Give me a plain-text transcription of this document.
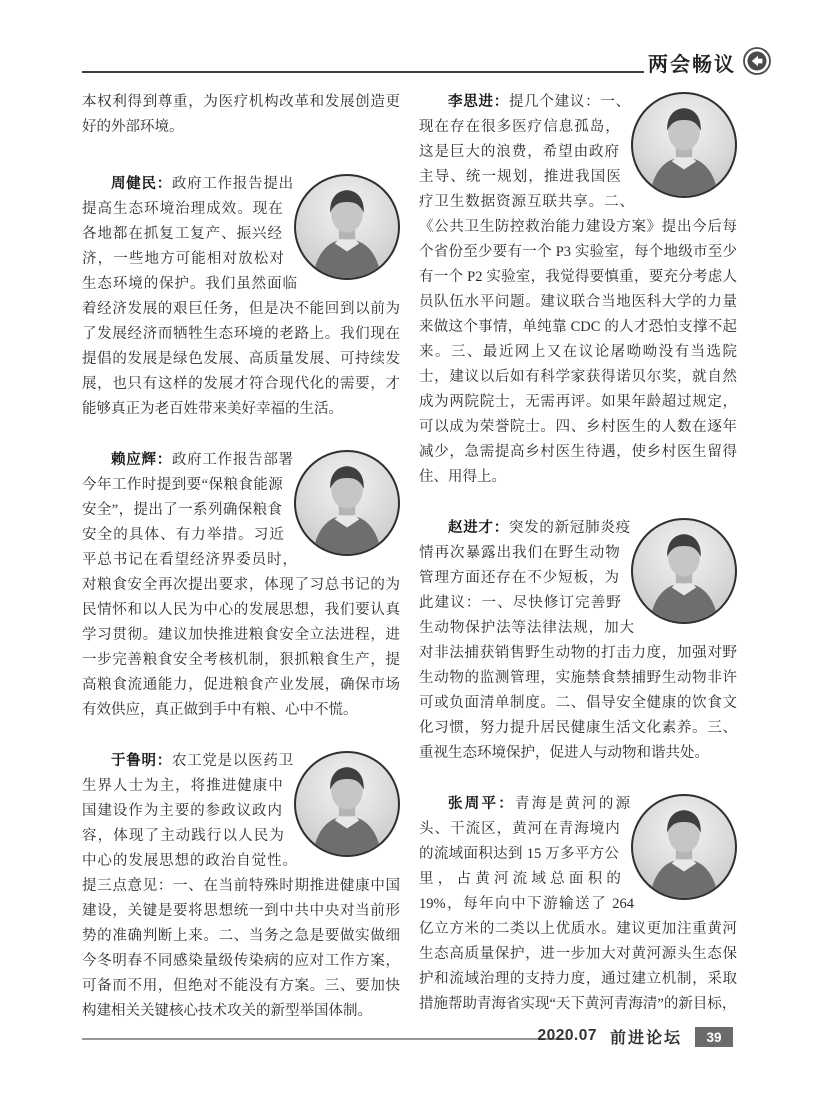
两会畅议

本权利得到尊重，为医疗机构改革和发展创造更好的外部环境。

周健民：政府工作报告提出提高生态环境治理成效。现在各地都在抓复工复产、振兴经济，一些地方可能相对放松对生态环境的保护。我们虽然面临着经济发展的艰巨任务，但是决不能回到以前为了发展经济而牺牲生态环境的老路上。我们现在提倡的发展是绿色发展、高质量发展、可持续发展，也只有这样的发展才符合现代化的需要，才能够真正为老百姓带来美好幸福的生活。

赖应辉：政府工作报告部署今年工作时提到要“保粮食能源安全”，提出了一系列确保粮食安全的具体、有力举措。习近平总书记在看望经济界委员时，对粮食安全再次提出要求，体现了习总书记的为民情怀和以人民为中心的发展思想，我们要认真学习贯彻。建议加快推进粮食安全立法进程，进一步完善粮食安全考核机制，狠抓粮食生产，提高粮食流通能力，促进粮食产业发展，确保市场有效供应，真正做到手中有粮、心中不慌。

于鲁明：农工党是以医药卫生界人士为主，将推进健康中国建设作为主要的参政议政内容，体现了主动践行以人民为中心的发展思想的政治自觉性。提三点意见：一、在当前特殊时期推进健康中国建设，关键是要将思想统一到中共中央对当前形势的准确判断上来。二、当务之急是要做实做细今冬明春不同感染量级传染病的应对工作方案，可备而不用，但绝对不能没有方案。三、要加快构建相关关键核心技术攻关的新型举国体制。

李思进：提几个建议：一、现在存在很多医疗信息孤岛，这是巨大的浪费，希望由政府主导、统一规划，推进我国医疗卫生数据资源互联共享。二、《公共卫生防控救治能力建设方案》提出今后每个省份至少要有一个 P3 实验室，每个地级市至少有一个 P2 实验室，我觉得要慎重，要充分考虑人员队伍水平问题。建议联合当地医科大学的力量来做这个事情，单纯靠 CDC 的人才恐怕支撑不起来。三、最近网上又在议论屠呦呦没有当选院士，建议以后如有科学家获得诺贝尔奖，就自然成为两院院士，无需再评。如果年龄超过规定，可以成为荣誉院士。四、乡村医生的人数在逐年减少，急需提高乡村医生待遇，使乡村医生留得住、用得上。

赵进才：突发的新冠肺炎疫情再次暴露出我们在野生动物管理方面还存在不少短板，为此建议：一、尽快修订完善野生动物保护法等法律法规，加大对非法捕获销售野生动物的打击力度，加强对野生动物的监测管理，实施禁食禁捕野生动物非许可或负面清单制度。二、倡导安全健康的饮食文化习惯，努力提升居民健康生活文化素养。三、重视生态环境保护，促进人与动物和谐共处。

张周平：青海是黄河的源头、干流区，黄河在青海境内的流域面积达到 15 万多平方公里，占黄河流域总面积的 19%，每年向中下游输送了 264 亿立方米的二类以上优质水。建议更加注重黄河生态高质量保护，进一步加大对黄河源头生态保护和流域治理的支持力度，通过建立机制，采取措施帮助青海省实现“天下黄河青海清”的新目标，

2020.07 前进论坛	39
